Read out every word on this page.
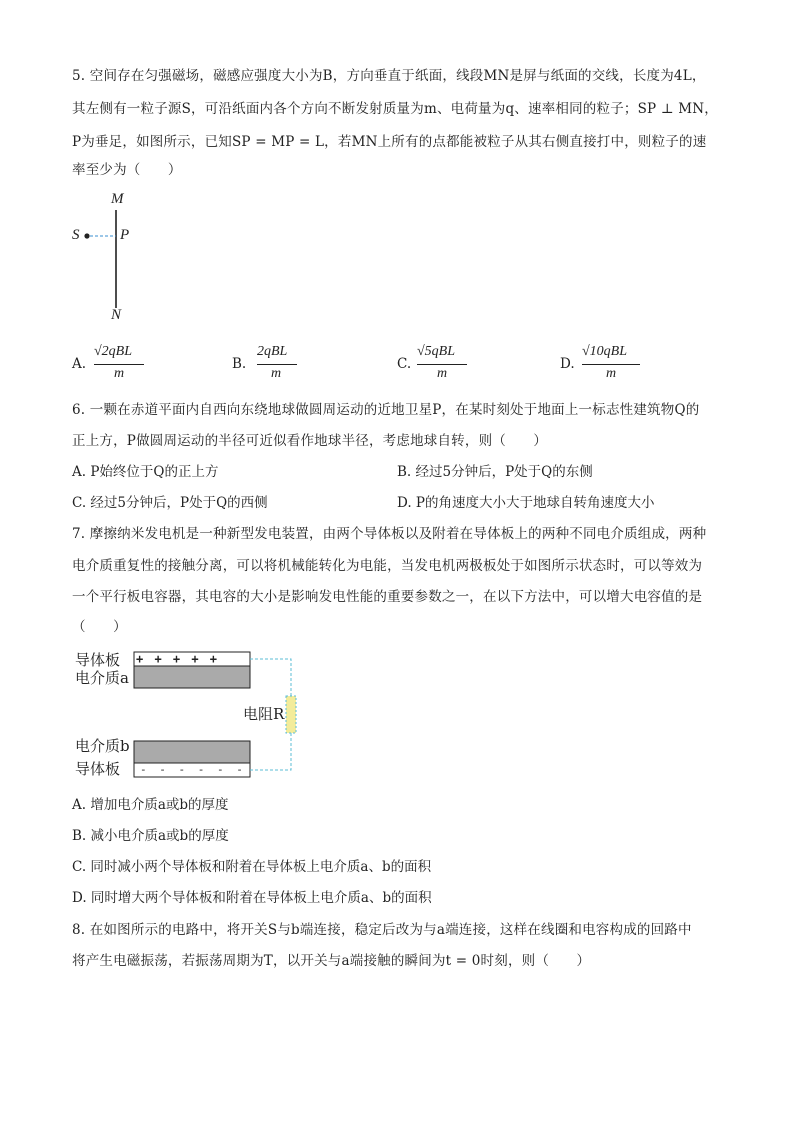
5. 空间存在匀强磁场，磁感应强度大小为B，方向垂直于纸面，线段MN是屏与纸面的交线，长度为4L，
其左侧有一粒子源S，可沿纸面内各个方向不断发射质量为m、电荷量为q、速率相同的粒子；SP ⊥ MN，
P为垂足，如图所示，已知SP = MP = L，若MN上所有的点都能被粒子从其右侧直接打中，则粒子的速
率至少为（　　）
M
S	P
N
A.
√2qBL
m
B.
2qBL
m
C.
√5qBL
m
D.
√10qBL
m
6. 一颗在赤道平面内自西向东绕地球做圆周运动的近地卫星P，在某时刻处于地面上一标志性建筑物Q的
正上方，P做圆周运动的半径可近似看作地球半径，考虑地球自转，则（　　）
A. P始终位于Q的正上方	B. 经过5分钟后，P处于Q的东侧
C. 经过5分钟后，P处于Q的西侧	D. P的角速度大小大于地球自转角速度大小
7. 摩擦纳米发电机是一种新型发电装置，由两个导体板以及附着在导体板上的两种不同电介质组成，两种
电介质重复性的接触分离，可以将机械能转化为电能，当发电机两极板处于如图所示状态时，可以等效为
一个平行板电容器，其电容的大小是影响发电性能的重要参数之一，在以下方法中，可以增大电容值的是
（　　）
+ + + + +
- - - - - -
导体板
电介质a
电阻R
电介质b
导体板
A. 增加电介质a或b的厚度
B. 减小电介质a或b的厚度
C. 同时减小两个导体板和附着在导体板上电介质a、b的面积
D. 同时增大两个导体板和附着在导体板上电介质a、b的面积
8. 在如图所示的电路中，将开关S与b端连接，稳定后改为与a端连接，这样在线圈和电容构成的回路中
将产生电磁振荡，若振荡周期为T，以开关与a端接触的瞬间为t = 0时刻，则（　　）
